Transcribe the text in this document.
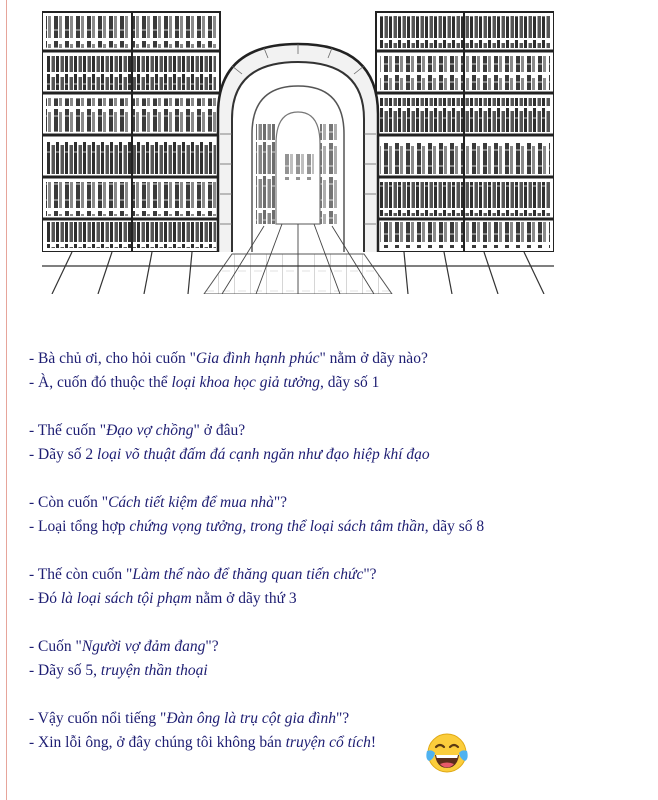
- Bà chủ ơi, cho hỏi cuốn "Gia đình hạnh phúc" nằm ở dãy nào?
- À, cuốn đó thuộc thể loại khoa học giả tưởng, dãy số 1
- Thế cuốn "Đạo vợ chồng" ở đâu?
- Dãy số 2 loại võ thuật đấm đá cạnh ngăn như đạo hiệp khí đạo
- Còn cuốn "Cách tiết kiệm để mua nhà"?
- Loại tổng hợp chứng vọng tưởng, trong thể loại sách tâm thần, dãy số 8
- Thế còn cuốn "Làm thế nào để thăng quan tiến chức"?
- Đó là loại sách tội phạm nằm ở dãy thứ 3
- Cuốn "Người vợ đảm đang"?
- Dãy số 5, truyện thần thoại
- Vậy cuốn nổi tiếng "Đàn ông là trụ cột gia đình"?
- Xin lỗi ông, ở đây chúng tôi không bán truyện cổ tích!
